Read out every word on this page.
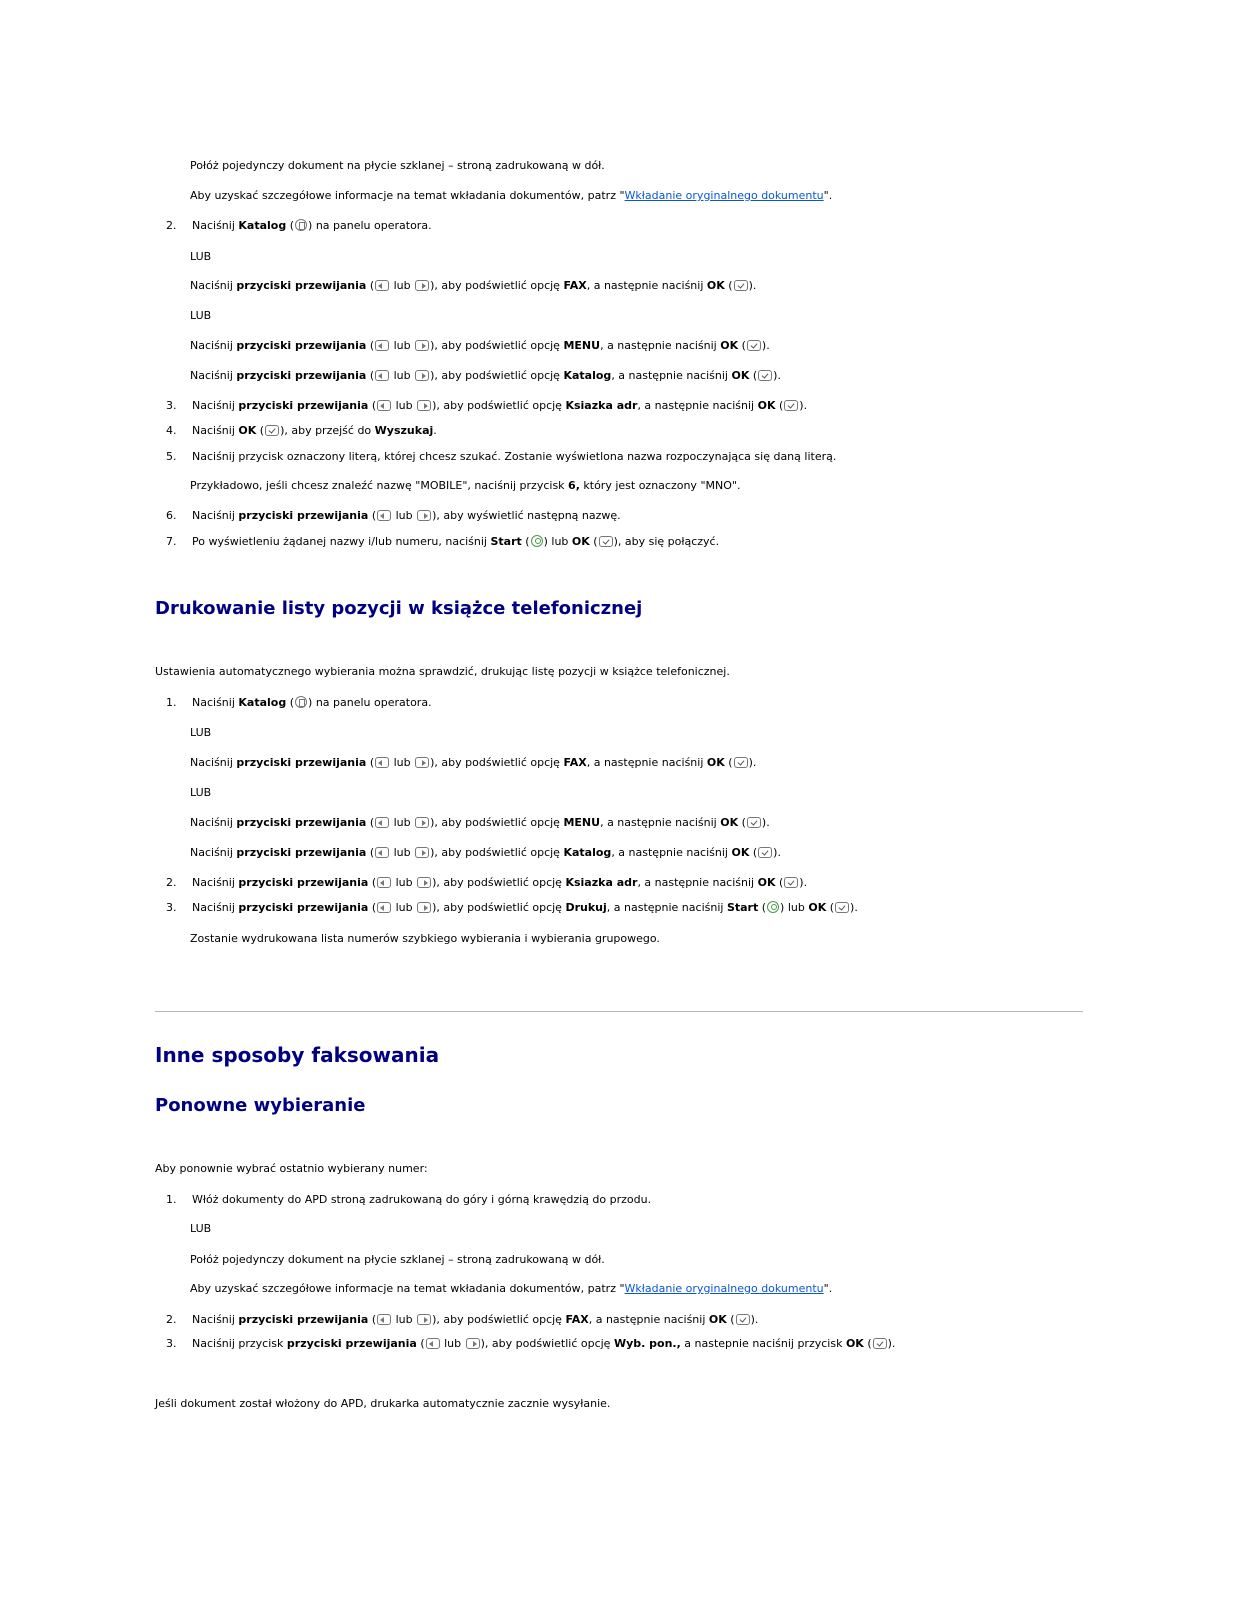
Połóż pojedynczy dokument na płycie szklanej – stroną zadrukowaną w dół.
Aby uzyskać szczegółowe informacje na temat wkładania dokumentów, patrz "Wkładanie oryginalnego dokumentu".
2.	Naciśnij Katalog ( ) na panelu operatora.
LUB
Naciśnij przyciski przewijania ( lub ), aby podświetlić opcję FAX, a następnie naciśnij OK ( ).
LUB
Naciśnij przyciski przewijania ( lub ), aby podświetlić opcję MENU, a następnie naciśnij OK ( ).
Naciśnij przyciski przewijania ( lub ), aby podświetlić opcję Katalog, a następnie naciśnij OK ( ).
3.	Naciśnij przyciski przewijania ( lub ), aby podświetlić opcję Ksiazka adr, a następnie naciśnij OK ( ).
4.	Naciśnij OK ( ), aby przejść do Wyszukaj.
5.	Naciśnij przycisk oznaczony literą, której chcesz szukać. Zostanie wyświetlona nazwa rozpoczynająca się daną literą.
Przykładowo, jeśli chcesz znaleźć nazwę "MOBILE", naciśnij przycisk 6, który jest oznaczony "MNO".
6.	Naciśnij przyciski przewijania ( lub ), aby wyświetlić następną nazwę.
7.	Po wyświetleniu żądanej nazwy i/lub numeru, naciśnij Start ( ) lub OK ( ), aby się połączyć.
Drukowanie listy pozycji w książce telefonicznej
Ustawienia automatycznego wybierania można sprawdzić, drukując listę pozycji w książce telefonicznej.
1.	Naciśnij Katalog ( ) na panelu operatora.
LUB
Naciśnij przyciski przewijania ( lub ), aby podświetlić opcję FAX, a następnie naciśnij OK ( ).
LUB
Naciśnij przyciski przewijania ( lub ), aby podświetlić opcję MENU, a następnie naciśnij OK ( ).
Naciśnij przyciski przewijania ( lub ), aby podświetlić opcję Katalog, a następnie naciśnij OK ( ).
2.	Naciśnij przyciski przewijania ( lub ), aby podświetlić opcję Ksiazka adr, a następnie naciśnij OK ( ).
3.	Naciśnij przyciski przewijania ( lub ), aby podświetlić opcję Drukuj, a następnie naciśnij Start ( ) lub OK ( ).
Zostanie wydrukowana lista numerów szybkiego wybierania i wybierania grupowego.
Inne sposoby faksowania
Ponowne wybieranie
Aby ponownie wybrać ostatnio wybierany numer:
1.	Włóż dokumenty do APD stroną zadrukowaną do góry i górną krawędzią do przodu.
LUB
Połóż pojedynczy dokument na płycie szklanej – stroną zadrukowaną w dół.
Aby uzyskać szczegółowe informacje na temat wkładania dokumentów, patrz "Wkładanie oryginalnego dokumentu".
2.	Naciśnij przyciski przewijania ( lub ), aby podświetlić opcję FAX, a następnie naciśnij OK ( ).
3.	Naciśnij przycisk przyciski przewijania ( lub ), aby podświetlić opcję Wyb. pon., a nastepnie naciśnij przycisk OK ( ).
Jeśli dokument został włożony do APD, drukarka automatycznie zacznie wysyłanie.
